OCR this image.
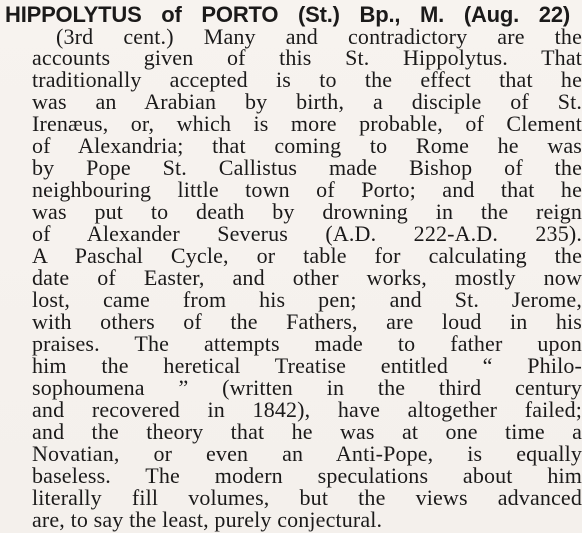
HIPPOLYTUS of PORTO (St.) Bp., M. (Aug. 22)
(3rd cent.) Many and contradictory are the
accounts given of this St. Hippolytus. That
traditionally accepted is to the effect that he
was an Arabian by birth, a disciple of St.
Irenæus, or, which is more probable, of Clement
of Alexandria; that coming to Rome he was
by Pope St. Callistus made Bishop of the
neighbouring little town of Porto; and that he
was put to death by drowning in the reign
of Alexander Severus (A.D. 222-A.D. 235).
A Paschal Cycle, or table for calculating the
date of Easter, and other works, mostly now
lost, came from his pen; and St. Jerome,
with others of the Fathers, are loud in his
praises. The attempts made to father upon
him the heretical Treatise entitled “ Philo-
sophoumena ” (written in the third century
and recovered in 1842), have altogether failed;
and the theory that he was at one time a
Novatian, or even an Anti-Pope, is equally
baseless. The modern speculations about him
literally fill volumes, but the views advanced
are, to say the least, purely conjectural.
